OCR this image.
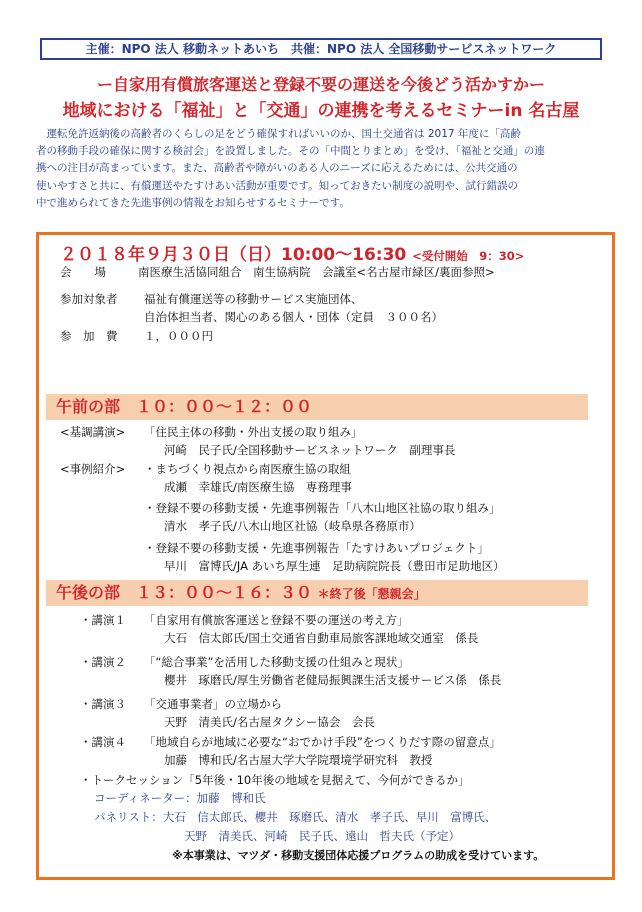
主催：NPO 法人 移動ネットあいち　共催：NPO 法人 全国移動サービスネットワーク
ー自家用有償旅客運送と登録不要の運送を今後どう活かすかー
地域における「福祉」と「交通」の連携を考えるセミナーin 名古屋

運転免許返納後の高齢者のくらしの足をどう確保すればいいのか、国土交通省は 2017 年度に「高齢

者の移動手段の確保に関する検討会」を設置しました。その「中間とりまとめ」を受け、「福祉と交通」の連

携への注目が高まっています。また、高齢者や障がいのある人のニーズに応えるためには、公共交通の

使いやすさと共に、有償運送やたすけあい活動が重要です。知っておきたい制度の説明や、試行錯誤の

中で進められてきた先進事例の情報をお知らせするセミナーです。

２０１８年９月３０日（日）10:00～16:30 <受付開始　9：30>
会　　場	南医療生活協同組合　南生協病院　会議室<名古屋市緑区/裏面参照>
参加対象者 福祉有償運送等の移動サービス実施団体、
自治体担当者、関心のある個人・団体（定員　３００名）
参　加　費 １，０００円
午前の部　１０：００～１２：００
<基調講演> 「住民主体の移動・外出支援の取り組み」
河崎　民子氏/全国移動サービスネットワーク　副理事長
<事例紹介> ・まちづくり視点から南医療生協の取組
成瀬　幸雄氏/南医療生協　専務理事
・登録不要の移動支援・先進事例報告「八木山地区社協の取り組み」
清水　孝子氏/八木山地区社協（岐阜県各務原市）
・登録不要の移動支援・先進事例報告「たすけあいプロジェクト」
早川　富博氏/JA あいち厚生連　足助病院院長（豊田市足助地区）
午後の部　１３：００～１６：３０ ＊終了後「懇親会」
・講演１ 「自家用有償旅客運送と登録不要の運送の考え方」
大石　信太郎氏/国土交通省自動車局旅客課地域交通室　係長
・講演２ 「“総合事業”を活用した移動支援の仕組みと現状」
櫻井　琢磨氏/厚生労働省老健局振興課生活支援サービス係　係長
・講演３ 「交通事業者」の立場から
天野　清美氏/名古屋タクシー協会　会長
・講演４ 「地域自らが地域に必要な“おでかけ手段”をつくりだす際の留意点」
加藤　博和氏/名古屋大学大学院環境学研究科　教授
・トークセッション「5年後・10年後の地域を見据えて、今何ができるか」
コーディネーター：加藤　博和氏
パネリスト：大石　信太郎氏、櫻井　琢磨氏、清水　孝子氏、早川　富博氏、
天野　清美氏、河崎　民子氏、遠山　哲夫氏（予定）
※本事業は、マツダ・移動支援団体応援プログラムの助成を受けています。
